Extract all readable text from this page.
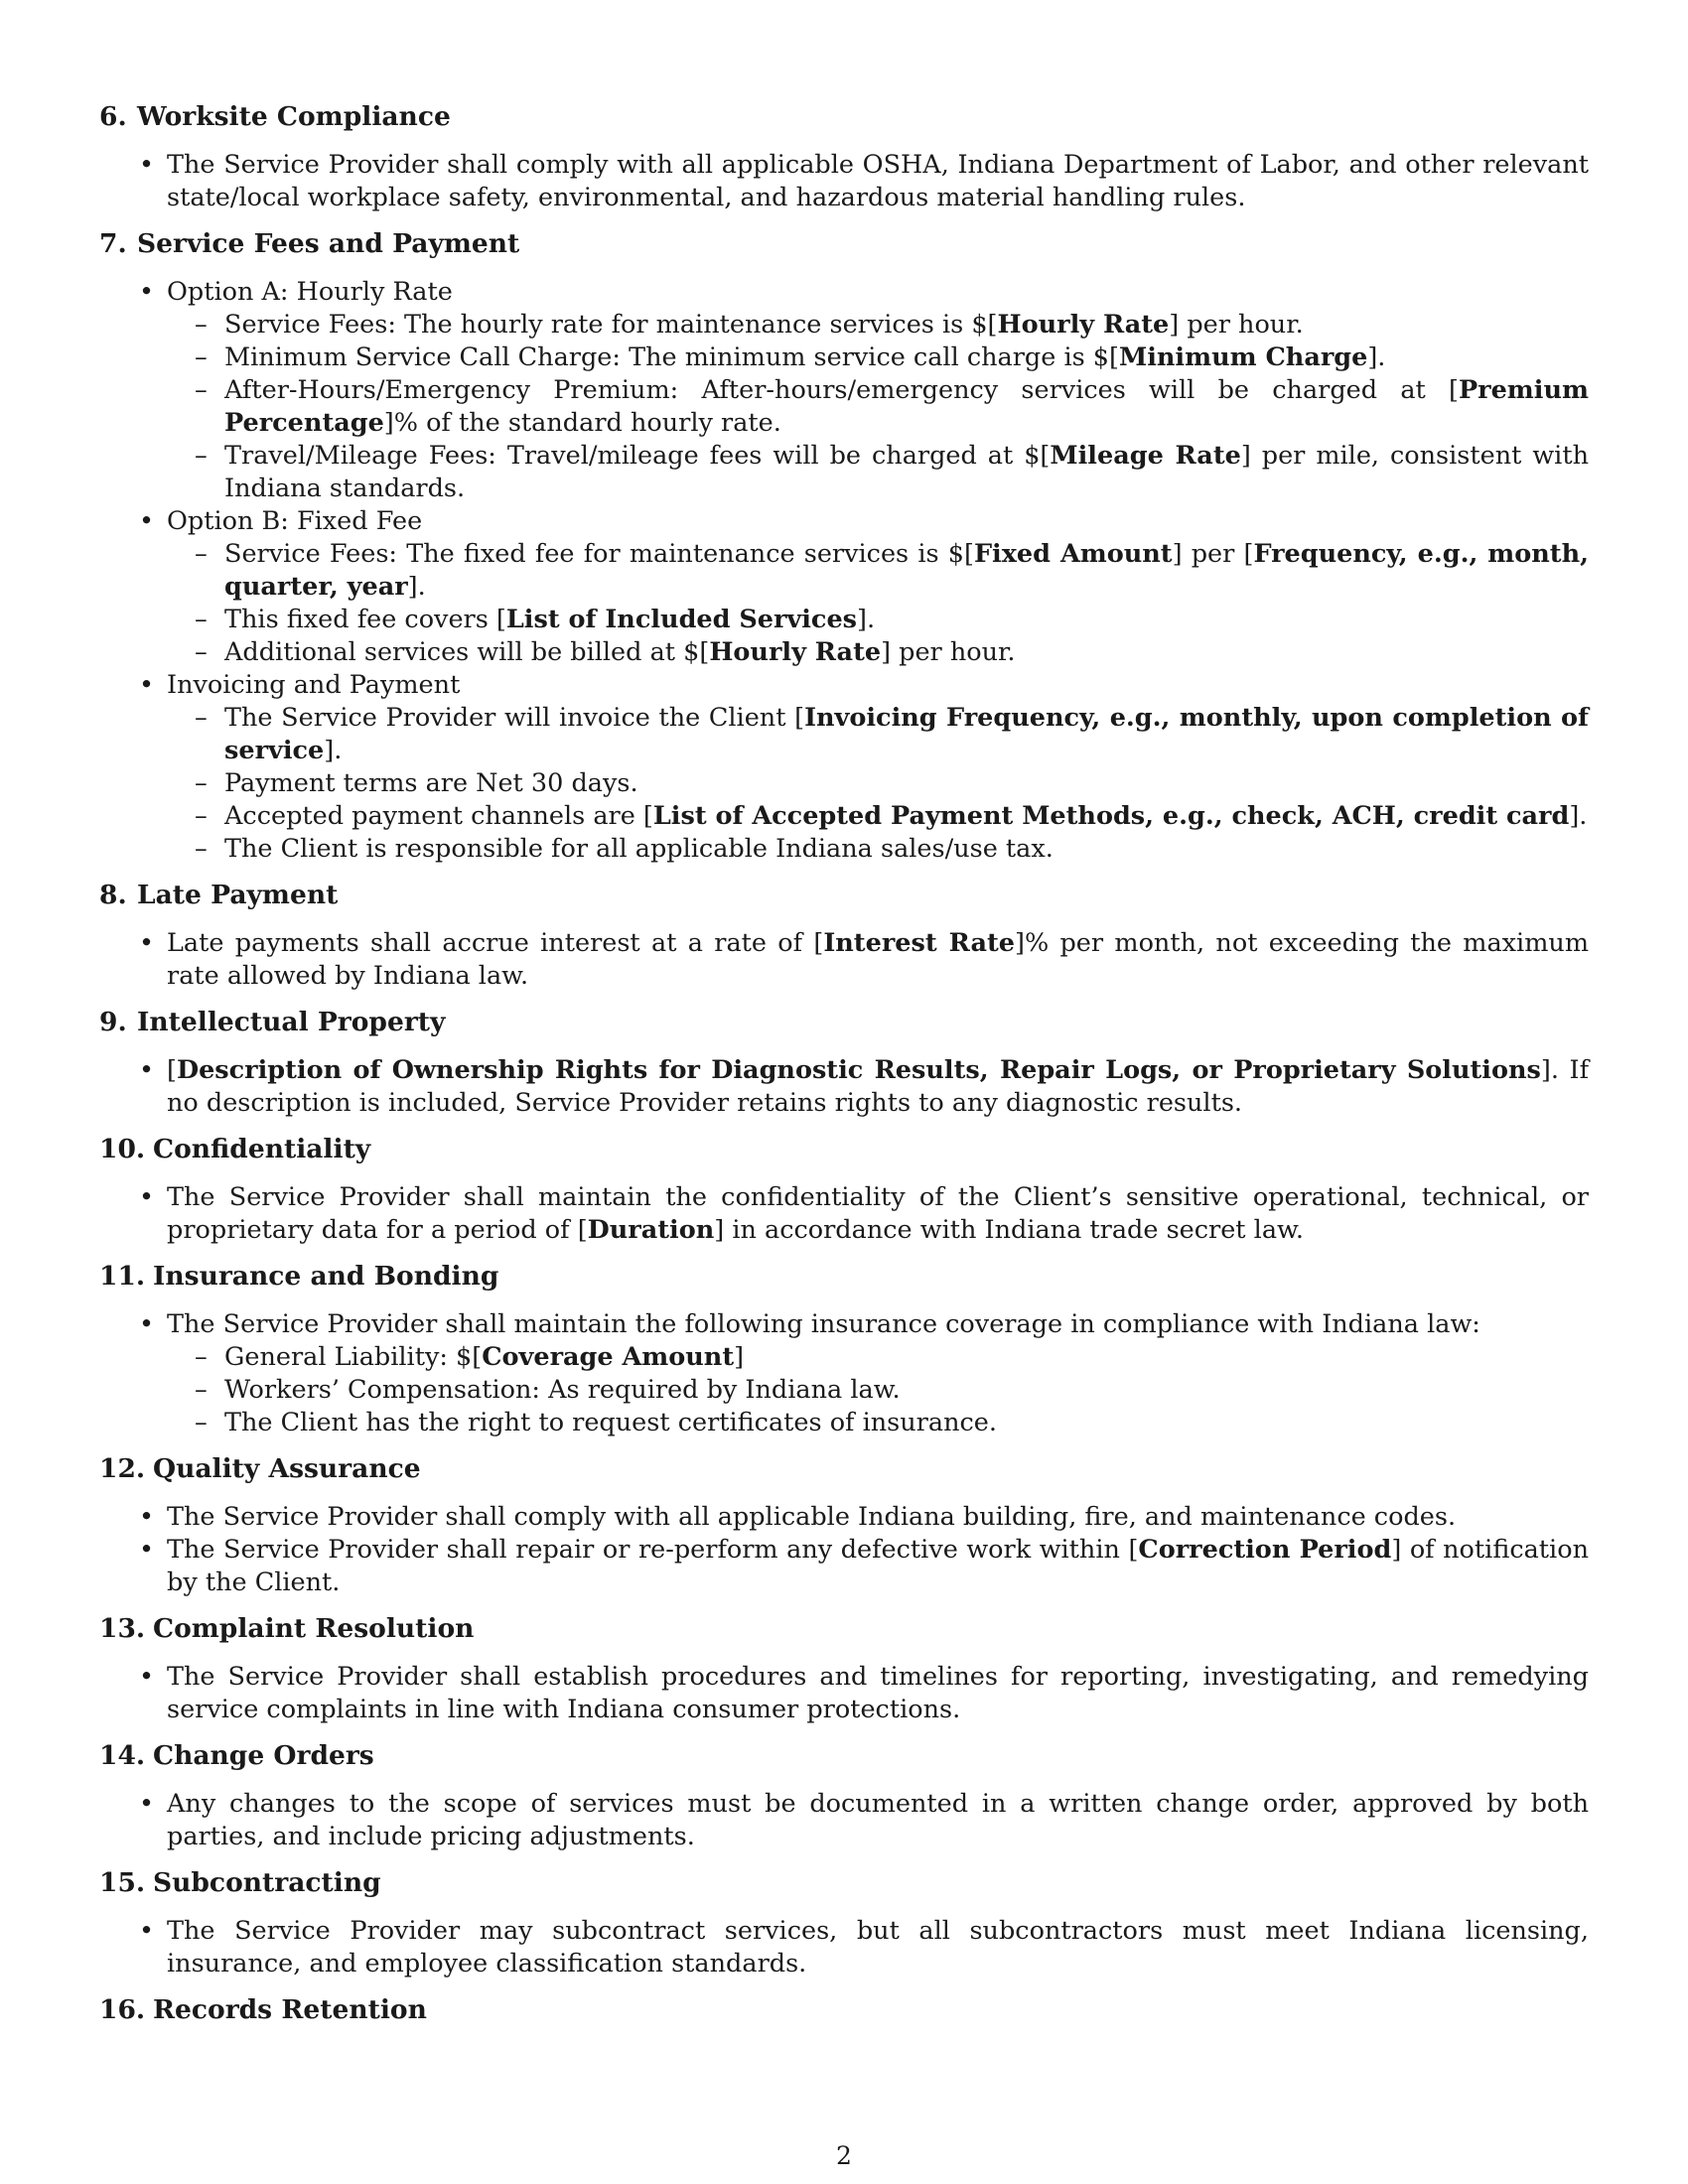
6. Worksite Compliance
• The Service Provider shall comply with all applicable OSHA, Indiana Department of Labor, and other relevant state/local workplace safety, environmental, and hazardous material handling rules.
7. Service Fees and Payment
• Option A: Hourly Rate
– Service Fees: The hourly rate for maintenance services is $[Hourly Rate] per hour.
– Minimum Service Call Charge: The minimum service call charge is $[Minimum Charge].
– After-Hours/Emergency Premium: After-hours/emergency services will be charged at [Premium Percentage]% of the standard hourly rate.
– Travel/Mileage Fees: Travel/mileage fees will be charged at $[Mileage Rate] per mile, consistent with Indiana standards.
• Option B: Fixed Fee
– Service Fees: The fixed fee for maintenance services is $[Fixed Amount] per [Frequency, e.g., month, quarter, year].
– This fixed fee covers [List of Included Services].
– Additional services will be billed at $[Hourly Rate] per hour.
• Invoicing and Payment
– The Service Provider will invoice the Client [Invoicing Frequency, e.g., monthly, upon completion of service].
– Payment terms are Net 30 days.
– Accepted payment channels are [List of Accepted Payment Methods, e.g., check, ACH, credit card].
– The Client is responsible for all applicable Indiana sales/use tax.
8. Late Payment
• Late payments shall accrue interest at a rate of [Interest Rate]% per month, not exceeding the maximum rate allowed by Indiana law.
9. Intellectual Property
• [Description of Ownership Rights for Diagnostic Results, Repair Logs, or Proprietary Solutions]. If no description is included, Service Provider retains rights to any diagnostic results.
10. Confidentiality
• The Service Provider shall maintain the confidentiality of the Client’s sensitive operational, technical, or proprietary data for a period of [Duration] in accordance with Indiana trade secret law.
11. Insurance and Bonding
• The Service Provider shall maintain the following insurance coverage in compliance with Indiana law:
– General Liability: $[Coverage Amount]
– Workers’ Compensation: As required by Indiana law.
– The Client has the right to request certificates of insurance.
12. Quality Assurance
• The Service Provider shall comply with all applicable Indiana building, fire, and maintenance codes.
• The Service Provider shall repair or re-perform any defective work within [Correction Period] of notification by the Client.
13. Complaint Resolution
• The Service Provider shall establish procedures and timelines for reporting, investigating, and remedying service complaints in line with Indiana consumer protections.
14. Change Orders
• Any changes to the scope of services must be documented in a written change order, approved by both parties, and include pricing adjustments.
15. Subcontracting
• The Service Provider may subcontract services, but all subcontractors must meet Indiana licensing, insurance, and employee classification standards.
16. Records Retention
2
